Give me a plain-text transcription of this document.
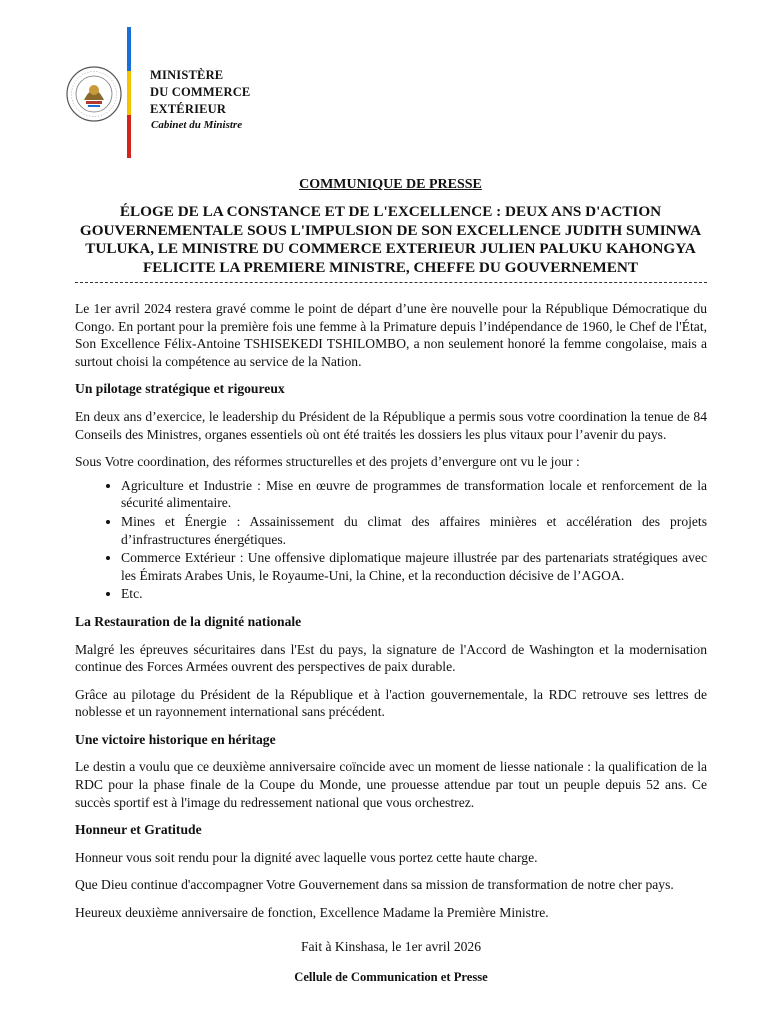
MINISTÈRE
DU COMMERCE
EXTÉRIEUR
Cabinet du Ministre
COMMUNIQUE DE PRESSE
ÉLOGE DE LA CONSTANCE ET DE L'EXCELLENCE : DEUX ANS D'ACTION GOUVERNEMENTALE SOUS L'IMPULSION DE SON EXCELLENCE JUDITH SUMINWA TULUKA, LE MINISTRE DU COMMERCE EXTERIEUR JULIEN PALUKU KAHONGYA FELICITE LA PREMIERE MINISTRE, CHEFFE DU GOUVERNEMENT

Le 1er avril 2024 restera gravé comme le point de départ d’une ère nouvelle pour la République Démocratique du Congo. En portant pour la première fois une femme à la Primature depuis l’indépendance de 1960, le Chef de l'État, Son Excellence Félix-Antoine TSHISEKEDI TSHILOMBO, a non seulement honoré la femme congolaise, mais a surtout choisi la compétence au service de la Nation.

Un pilotage stratégique et rigoureux

En deux ans d’exercice, le leadership du Président de la République a permis sous votre coordination la tenue de 84 Conseils des Ministres, organes essentiels où ont été traités les dossiers les plus vitaux pour l’avenir du pays.

Sous Votre coordination, des réformes structurelles et des projets d’envergure ont vu le jour :

• Agriculture et Industrie : Mise en œuvre de programmes de transformation locale et renforcement de la sécurité alimentaire.
• Mines et Énergie : Assainissement du climat des affaires minières et accélération des projets d’infrastructures énergétiques.
• Commerce Extérieur : Une offensive diplomatique majeure illustrée par des partenariats stratégiques avec les Émirats Arabes Unis, le Royaume-Uni, la Chine, et la reconduction décisive de l’AGOA.
• Etc.
La Restauration de la dignité nationale

Malgré les épreuves sécuritaires dans l'Est du pays, la signature de l'Accord de Washington et la modernisation continue des Forces Armées ouvrent des perspectives de paix durable.

Grâce au pilotage du Président de la République et à l'action gouvernementale, la RDC retrouve ses lettres de noblesse et un rayonnement international sans précédent.

Une victoire historique en héritage

Le destin a voulu que ce deuxième anniversaire coïncide avec un moment de liesse nationale : la qualification de la RDC pour la phase finale de la Coupe du Monde, une prouesse attendue par tout un peuple depuis 52 ans. Ce succès sportif est à l'image du redressement national que vous orchestrez.

Honneur et Gratitude

Honneur vous soit rendu pour la dignité avec laquelle vous portez cette haute charge.

Que Dieu continue d'accompagner Votre Gouvernement dans sa mission de transformation de notre cher pays.

Heureux deuxième anniversaire de fonction, Excellence Madame la Première Ministre.

Fait à Kinshasa, le 1er avril 2026

Cellule de Communication et Presse
